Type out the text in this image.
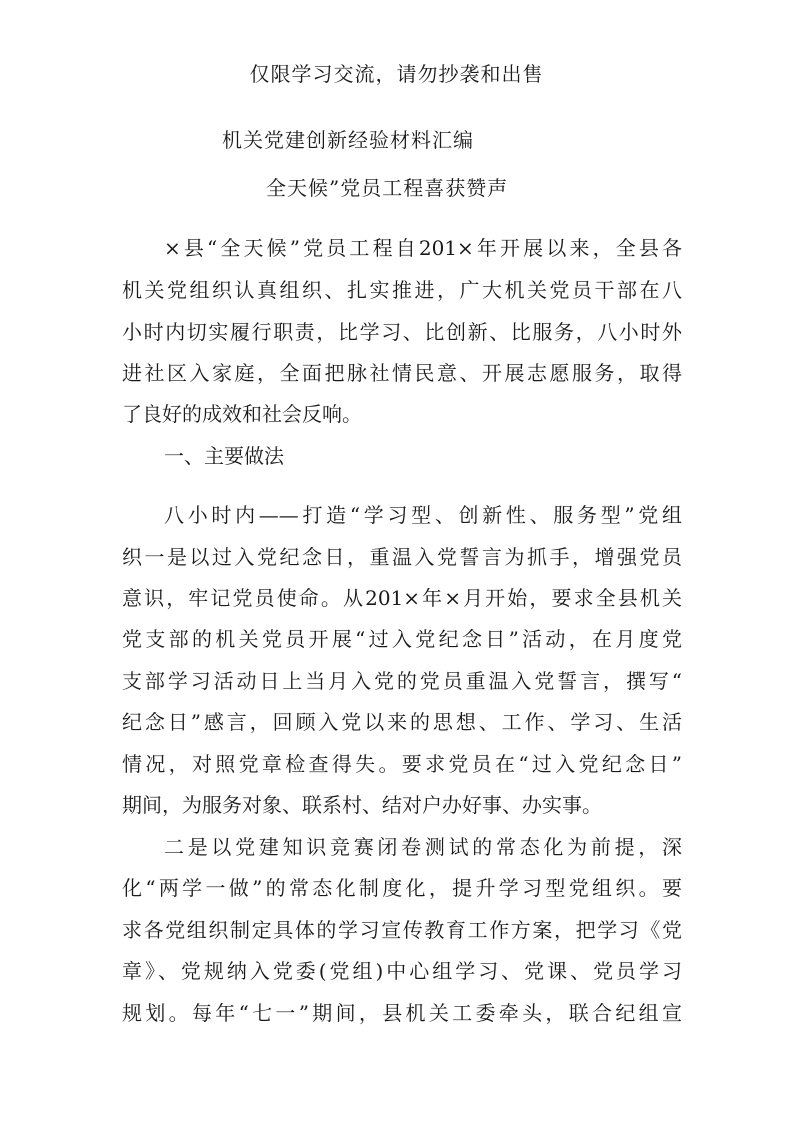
仅限学习交流，请勿抄袭和出售
机关党建创新经验材料汇编
全天候”党员工程喜获赞声
×县“全天候”党员工程自201×年开展以来，全县各
机关党组织认真组织、扎实推进，广大机关党员干部在八
小时内切实履行职责，比学习、比创新、比服务，八小时外
进社区入家庭，全面把脉社情民意、开展志愿服务，取得
了良好的成效和社会反响。
一、主要做法
八小时内——打造“学习型、创新性、服务型”党组
织一是以过入党纪念日，重温入党誓言为抓手，增强党员
意识，牢记党员使命。从201×年×月开始，要求全县机关
党支部的机关党员开展“过入党纪念日”活动，在月度党
支部学习活动日上当月入党的党员重温入党誓言，撰写“
纪念日”感言，回顾入党以来的思想、工作、学习、生活
情况，对照党章检查得失。要求党员在“过入党纪念日”
期间，为服务对象、联系村、结对户办好事、办实事。
二是以党建知识竞赛闭卷测试的常态化为前提，深
化“两学一做”的常态化制度化，提升学习型党组织。要
求各党组织制定具体的学习宣传教育工作方案，把学习《党
章》、党规纳入党委(党组)中心组学习、党课、党员学习
规划。每年“七一”期间，县机关工委牵头，联合纪组宣
